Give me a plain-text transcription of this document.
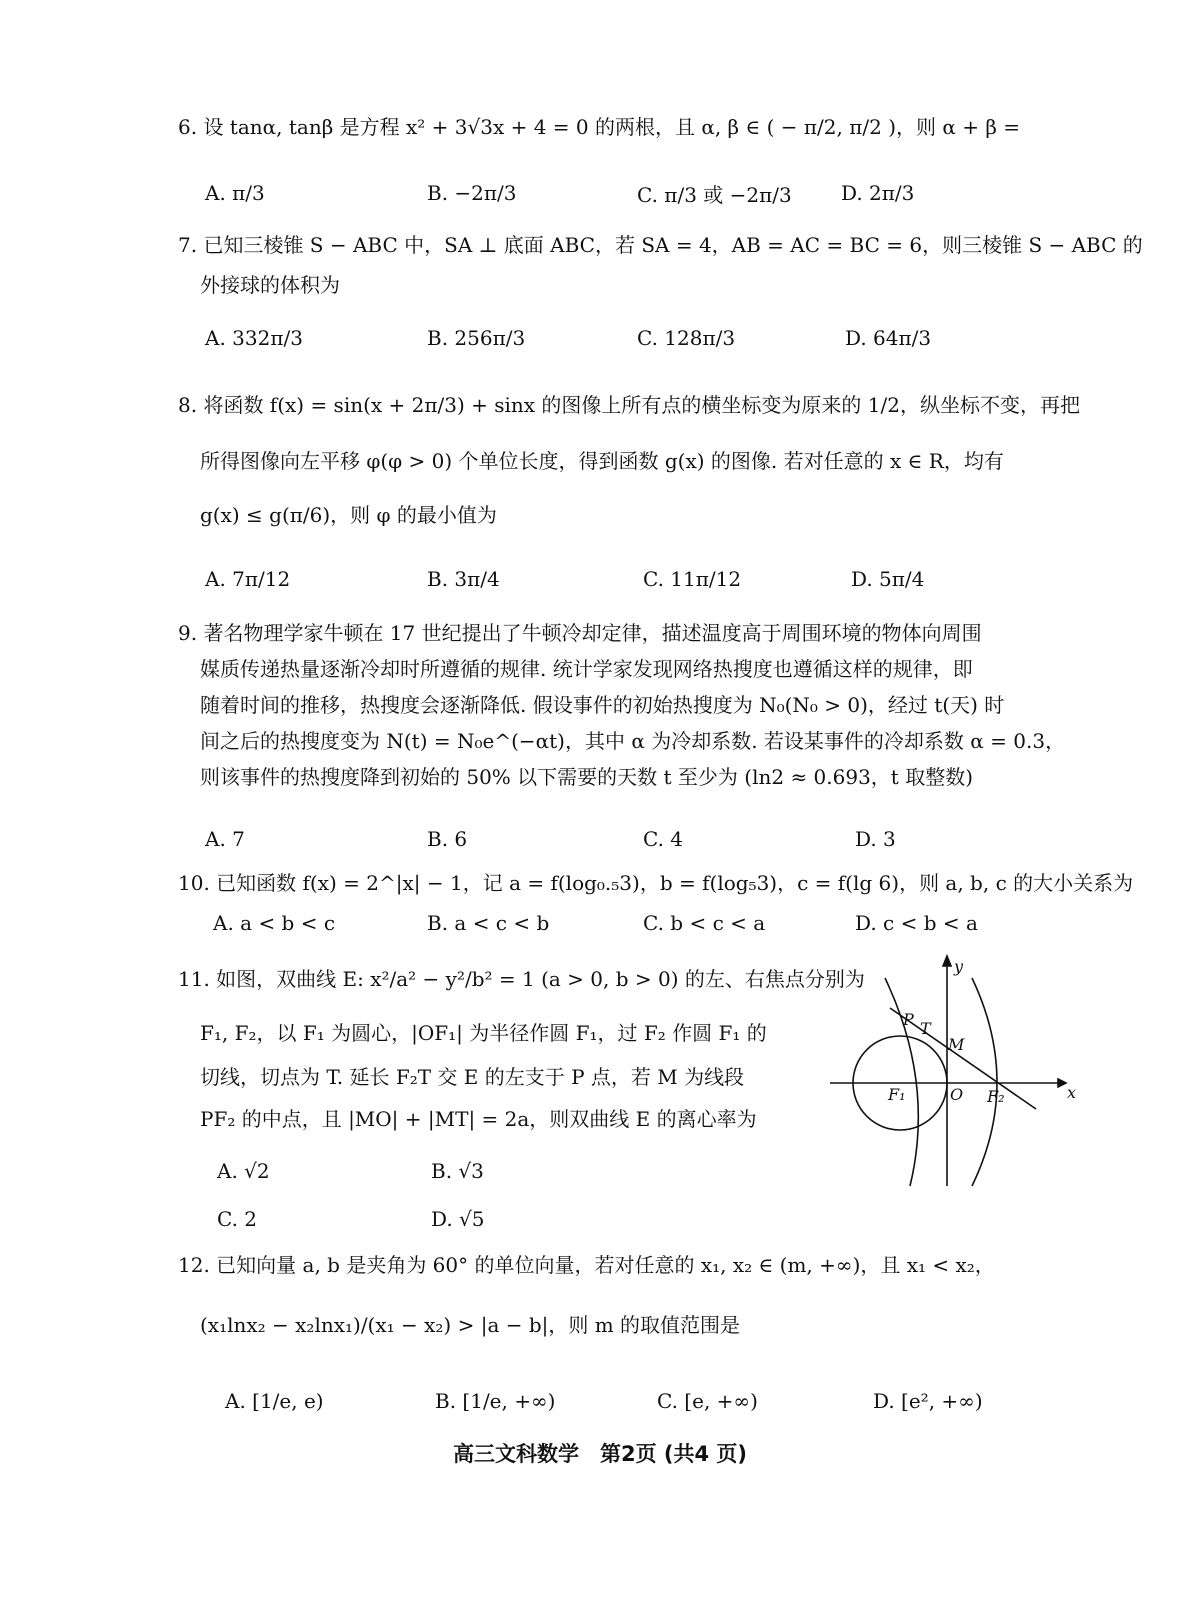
6. 设 tanα, tanβ 是方程 x² + 3√3x + 4 = 0 的两根，且 α, β ∈ ( − π/2, π/2 )，则 α + β =
A. π/3	B. −2π/3	C. π/3 或 −2π/3 D. 2π/3
7. 已知三棱锥 S − ABC 中，SA ⊥ 底面 ABC，若 SA = 4，AB = AC = BC = 6，则三棱锥 S − ABC 的
外接球的体积为
A. 332π/3	B. 256π/3	C. 128π/3	D. 64π/3
8. 将函数 f(x) = sin(x + 2π/3) + sinx 的图像上所有点的横坐标变为原来的 1/2，纵坐标不变，再把
所得图像向左平移 φ(φ > 0) 个单位长度，得到函数 g(x) 的图像. 若对任意的 x ∈ R，均有
g(x) ≤ g(π/6)，则 φ 的最小值为
A. 7π/12	B. 3π/4	C. 11π/12	D. 5π/4
9. 著名物理学家牛顿在 17 世纪提出了牛顿冷却定律，描述温度高于周围环境的物体向周围
媒质传递热量逐渐冷却时所遵循的规律. 统计学家发现网络热搜度也遵循这样的规律，即
随着时间的推移，热搜度会逐渐降低. 假设事件的初始热搜度为 N₀(N₀ > 0)，经过 t(天) 时
间之后的热搜度变为 N(t) = N₀e^(−αt)，其中 α 为冷却系数. 若设某事件的冷却系数 α = 0.3，
则该事件的热搜度降到初始的 50% 以下需要的天数 t 至少为 (ln2 ≈ 0.693，t 取整数)
A. 7	B. 6	C. 4	D. 3
10. 已知函数 f(x) = 2^|x| − 1，记 a = f(log₀.₅3)，b = f(log₅3)，c = f(lg 6)，则 a, b, c 的大小关系为
A. a < b < c	B. a < c < b	C. b < c < a	D. c < b < a
11. 如图，双曲线 E: x²/a² − y²/b² = 1 (a > 0, b > 0) 的左、右焦点分别为
F₁, F₂，以 F₁ 为圆心，|OF₁| 为半径作圆 F₁，过 F₂ 作圆 F₁ 的
切线，切点为 T. 延长 F₂T 交 E 的左支于 P 点，若 M 为线段
PF₂ 的中点，且 |MO| + |MT| = 2a，则双曲线 E 的离心率为
A. √2	B. √3
C. 2	D. √5
x
y
P T
M
O
F₁	F₂
12. 已知向量 a, b 是夹角为 60° 的单位向量，若对任意的 x₁, x₂ ∈ (m, +∞)，且 x₁ < x₂，
(x₁lnx₂ − x₂lnx₁)/(x₁ − x₂) > |a − b|，则 m 的取值范围是
A. [1/e, e)	B. [1/e, +∞)	C. [e, +∞)	D. [e², +∞)
高三文科数学　第2页 (共4 页)
